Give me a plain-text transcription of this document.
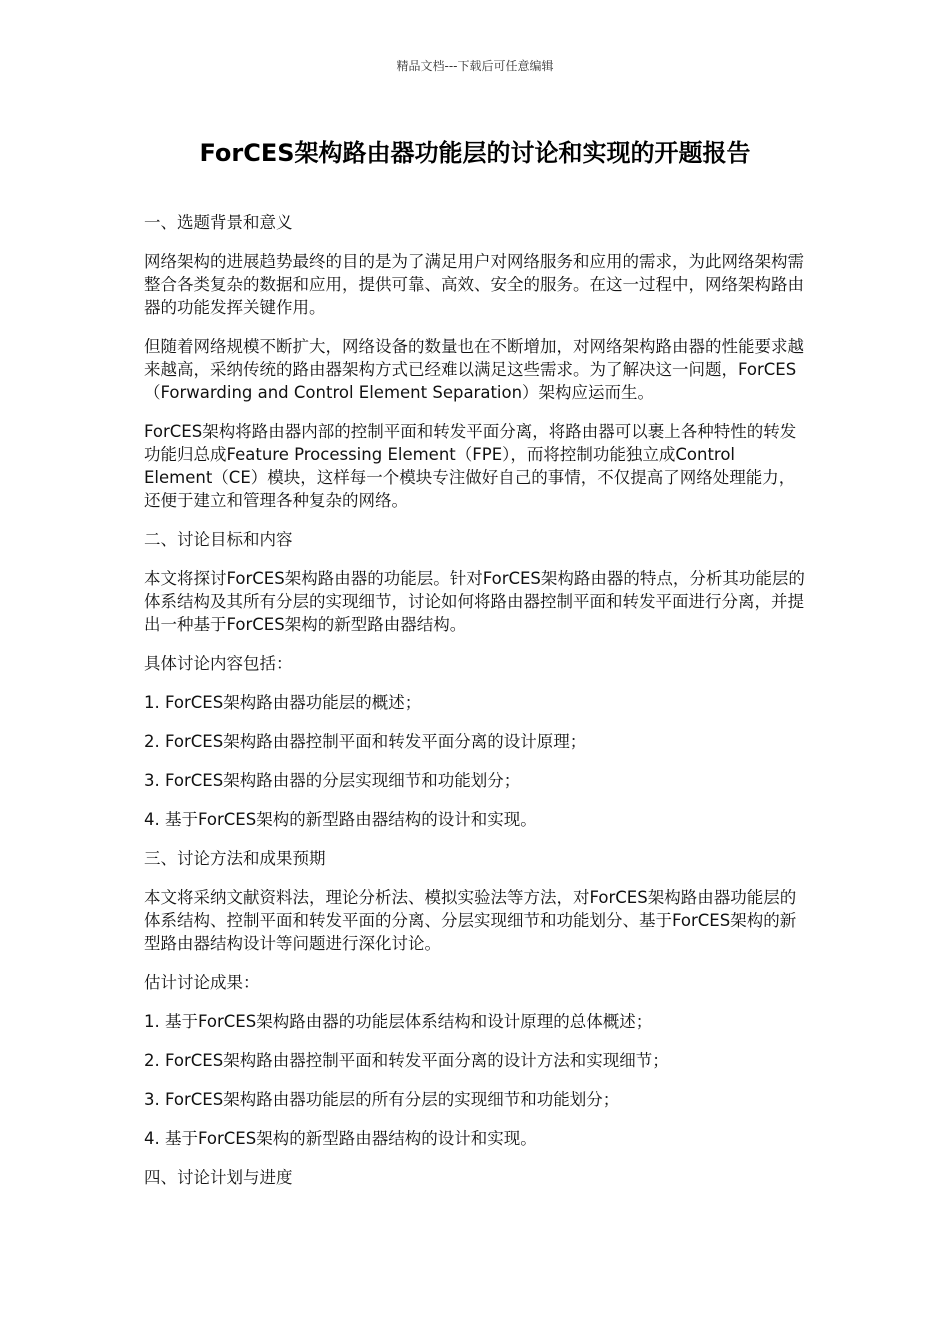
精品文档---下载后可任意编辑
ForCES架构路由器功能层的讨论和实现的开题报告

一、选题背景和意义

网络架构的进展趋势最终的目的是为了满足用户对网络服务和应用的需求，为此网络架构需整合各类复杂的数据和应用，提供可靠、高效、安全的服务。在这一过程中，网络架构路由器的功能发挥关键作用。

但随着网络规模不断扩大，网络设备的数量也在不断增加，对网络架构路由器的性能要求越来越高，采纳传统的路由器架构方式已经难以满足这些需求。为了解决这一问题，ForCES（Forwarding and Control Element Separation）架构应运而生。

ForCES架构将路由器内部的控制平面和转发平面分离，将路由器可以裹上各种特性的转发功能归总成Feature Processing Element（FPE），而将控制功能独立成Control Element（CE）模块，这样每一个模块专注做好自己的事情，不仅提高了网络处理能力，还便于建立和管理各种复杂的网络。

二、讨论目标和内容

本文将探讨ForCES架构路由器的功能层。针对ForCES架构路由器的特点，分析其功能层的体系结构及其所有分层的实现细节，讨论如何将路由器控制平面和转发平面进行分离，并提出一种基于ForCES架构的新型路由器结构。

具体讨论内容包括：

1. ForCES架构路由器功能层的概述；

2. ForCES架构路由器控制平面和转发平面分离的设计原理；

3. ForCES架构路由器的分层实现细节和功能划分；

4. 基于ForCES架构的新型路由器结构的设计和实现。

三、讨论方法和成果预期

本文将采纳文献资料法，理论分析法、模拟实验法等方法，对ForCES架构路由器功能层的体系结构、控制平面和转发平面的分离、分层实现细节和功能划分、基于ForCES架构的新型路由器结构设计等问题进行深化讨论。

估计讨论成果：

1. 基于ForCES架构路由器的功能层体系结构和设计原理的总体概述；

2. ForCES架构路由器控制平面和转发平面分离的设计方法和实现细节；

3. ForCES架构路由器功能层的所有分层的实现细节和功能划分；

4. 基于ForCES架构的新型路由器结构的设计和实现。

四、讨论计划与进度
